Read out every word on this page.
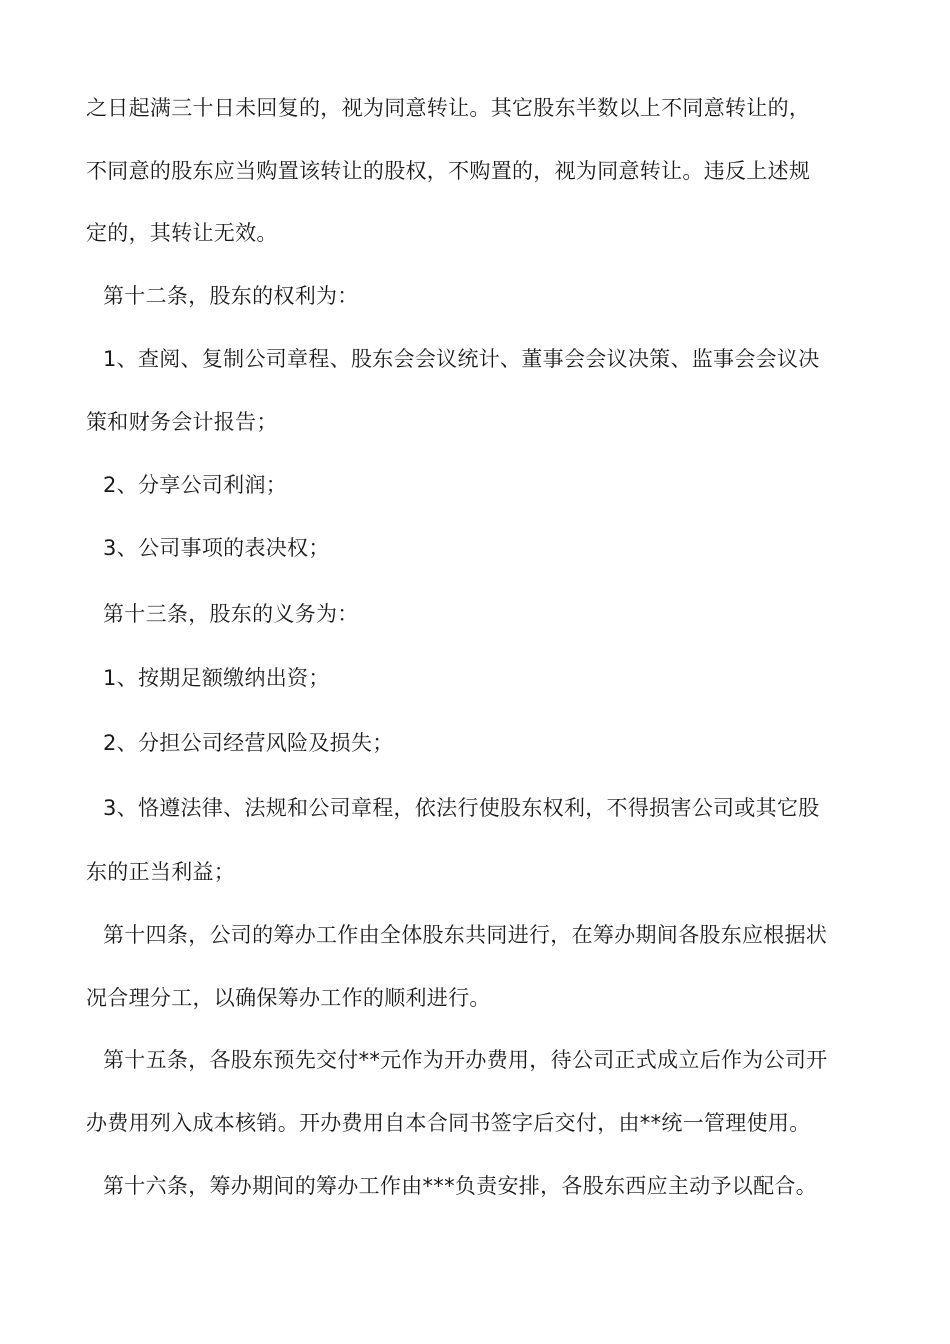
之日起满三十日未回复的，视为同意转让。其它股东半数以上不同意转让的，
不同意的股东应当购置该转让的股权，不购置的，视为同意转让。违反上述规
定的，其转让无效。
第十二条，股东的权利为：
1、查阅、复制公司章程、股东会会议统计、董事会会议决策、监事会会议决
策和财务会计报告；
2、分享公司利润；
3、公司事项的表决权；
第十三条，股东的义务为：
1、按期足额缴纳出资；
2、分担公司经营风险及损失；
3、恪遵法律、法规和公司章程，依法行使股东权利，不得损害公司或其它股
东的正当利益；
第十四条，公司的筹办工作由全体股东共同进行，在筹办期间各股东应根据状
况合理分工，以确保筹办工作的顺利进行。
第十五条，各股东预先交付**元作为开办费用，待公司正式成立后作为公司开
办费用列入成本核销。开办费用自本合同书签字后交付，由**统一管理使用。
第十六条，筹办期间的筹办工作由***负责安排，各股东西应主动予以配合。
